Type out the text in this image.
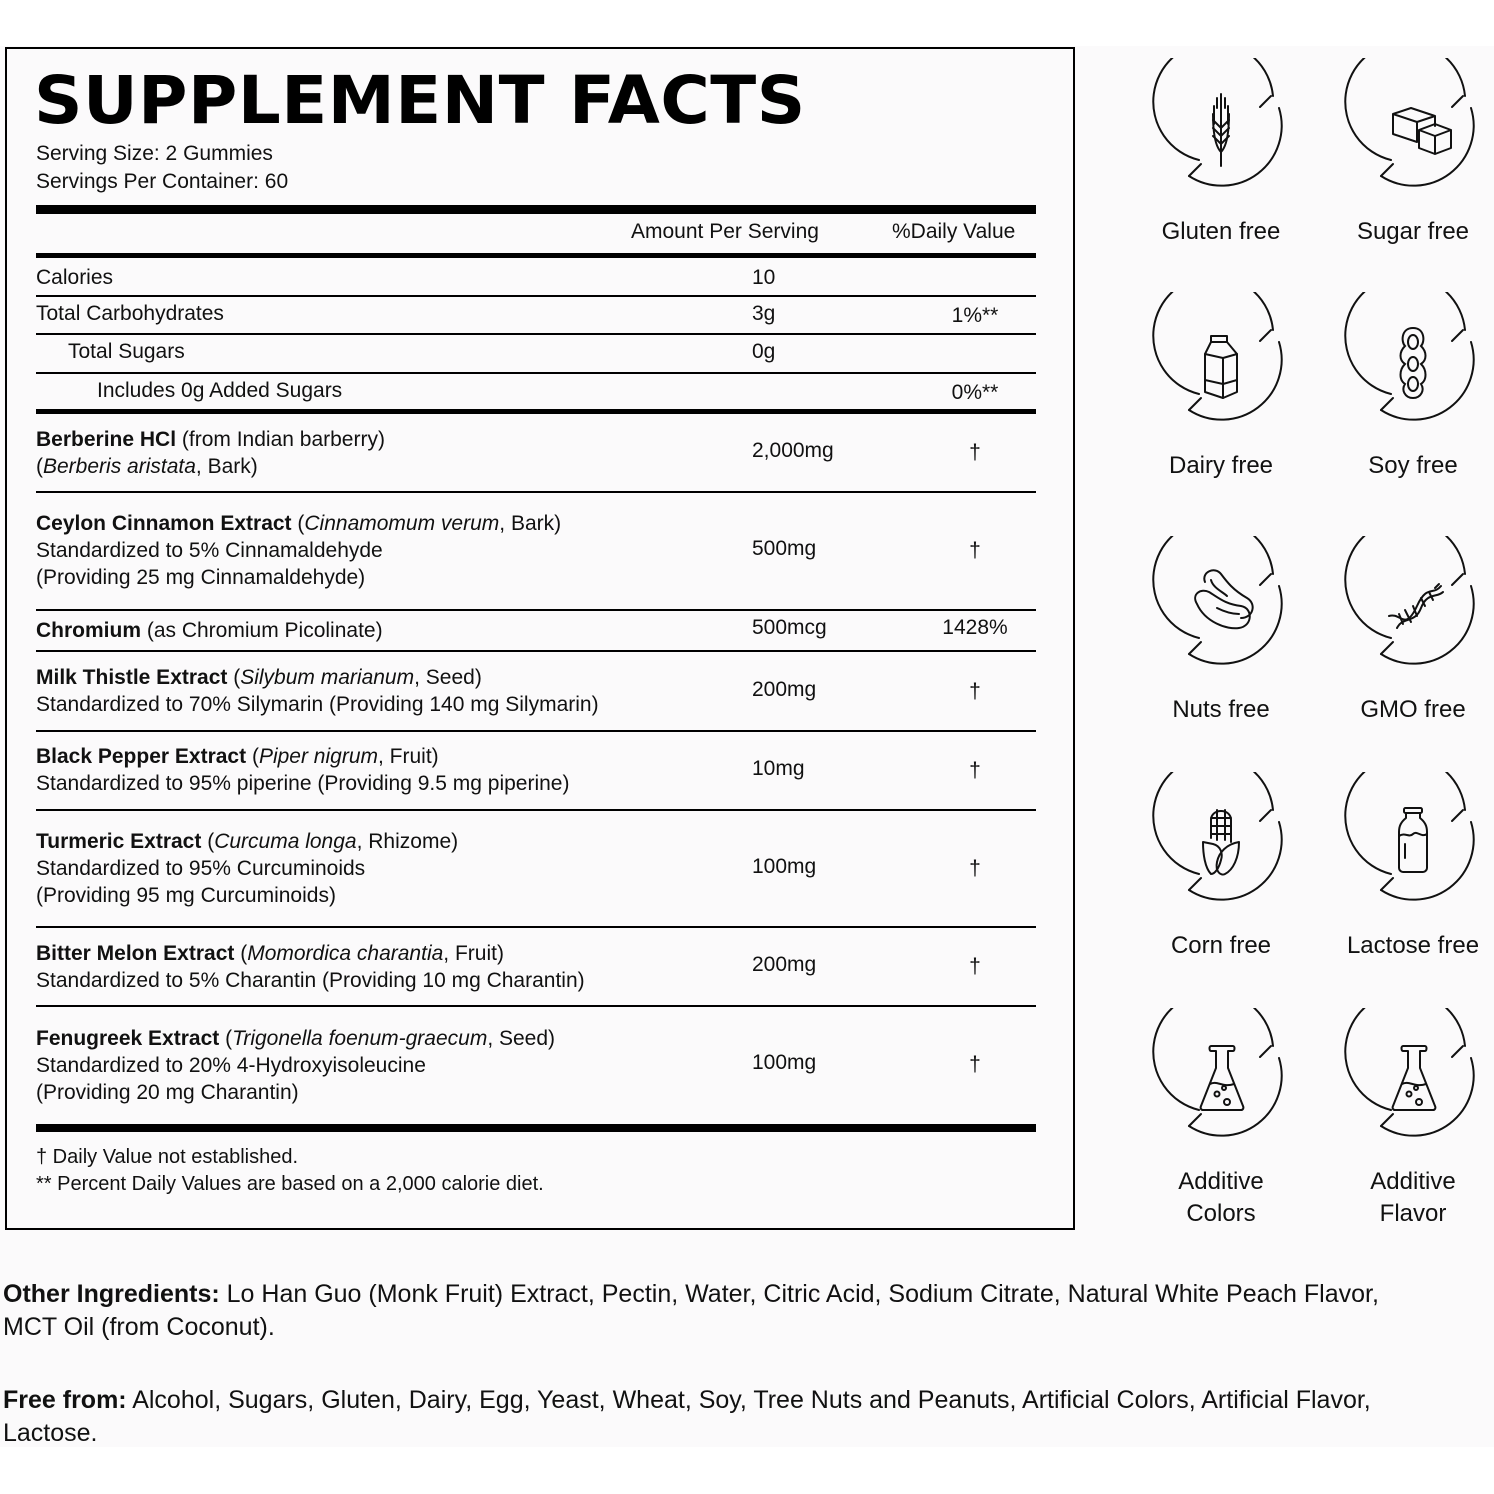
SUPPLEMENT FACTS
Serving Size: 2 Gummies
Servings Per Container: 60
Amount Per Serving	%Daily Value
Calories	10
Total Carbohydrates	3g	1%**
Total Sugars	0g
Includes 0g Added Sugars	0%**
Berberine HCl (from Indian barberry)
(Berberis aristata, Bark)
2,000mg	†
Ceylon Cinnamon Extract (Cinnamomum verum, Bark)
Standardized to 5% Cinnamaldehyde
(Providing 25 mg Cinnamaldehyde)
500mg	†
Chromium (as Chromium Picolinate)	500mcg	1428%
Milk Thistle Extract (Silybum marianum, Seed)
Standardized to 70% Silymarin (Providing 140 mg Silymarin)
200mg	†
Black Pepper Extract (Piper nigrum, Fruit)
Standardized to 95% piperine (Providing 9.5 mg piperine)
10mg	†
Turmeric Extract (Curcuma longa, Rhizome)
Standardized to 95% Curcuminoids
(Providing 95 mg Curcuminoids)
100mg	†
Bitter Melon Extract (Momordica charantia, Fruit)
Standardized to 5% Charantin (Providing 10 mg Charantin)
200mg	†
Fenugreek Extract (Trigonella foenum-graecum, Seed)
Standardized to 20% 4-Hydroxyisoleucine
(Providing 20 mg Charantin)
100mg	†
† Daily Value not established.
** Percent Daily Values are based on a 2,000 calorie diet.
Gluten free	Sugar free
Dairy free	Soy free
Nuts free	GMO free
Corn free	Lactose free
Additive
Colors
Additive
Flavor
Other Ingredients: Lo Han Guo (Monk Fruit) Extract, Pectin, Water, Citric Acid, Sodium Citrate, Natural White Peach Flavor, MCT Oil (from Coconut).
Free from: Alcohol, Sugars, Gluten, Dairy, Egg, Yeast, Wheat, Soy, Tree Nuts and Peanuts, Artificial Colors, Artificial Flavor, Lactose.
